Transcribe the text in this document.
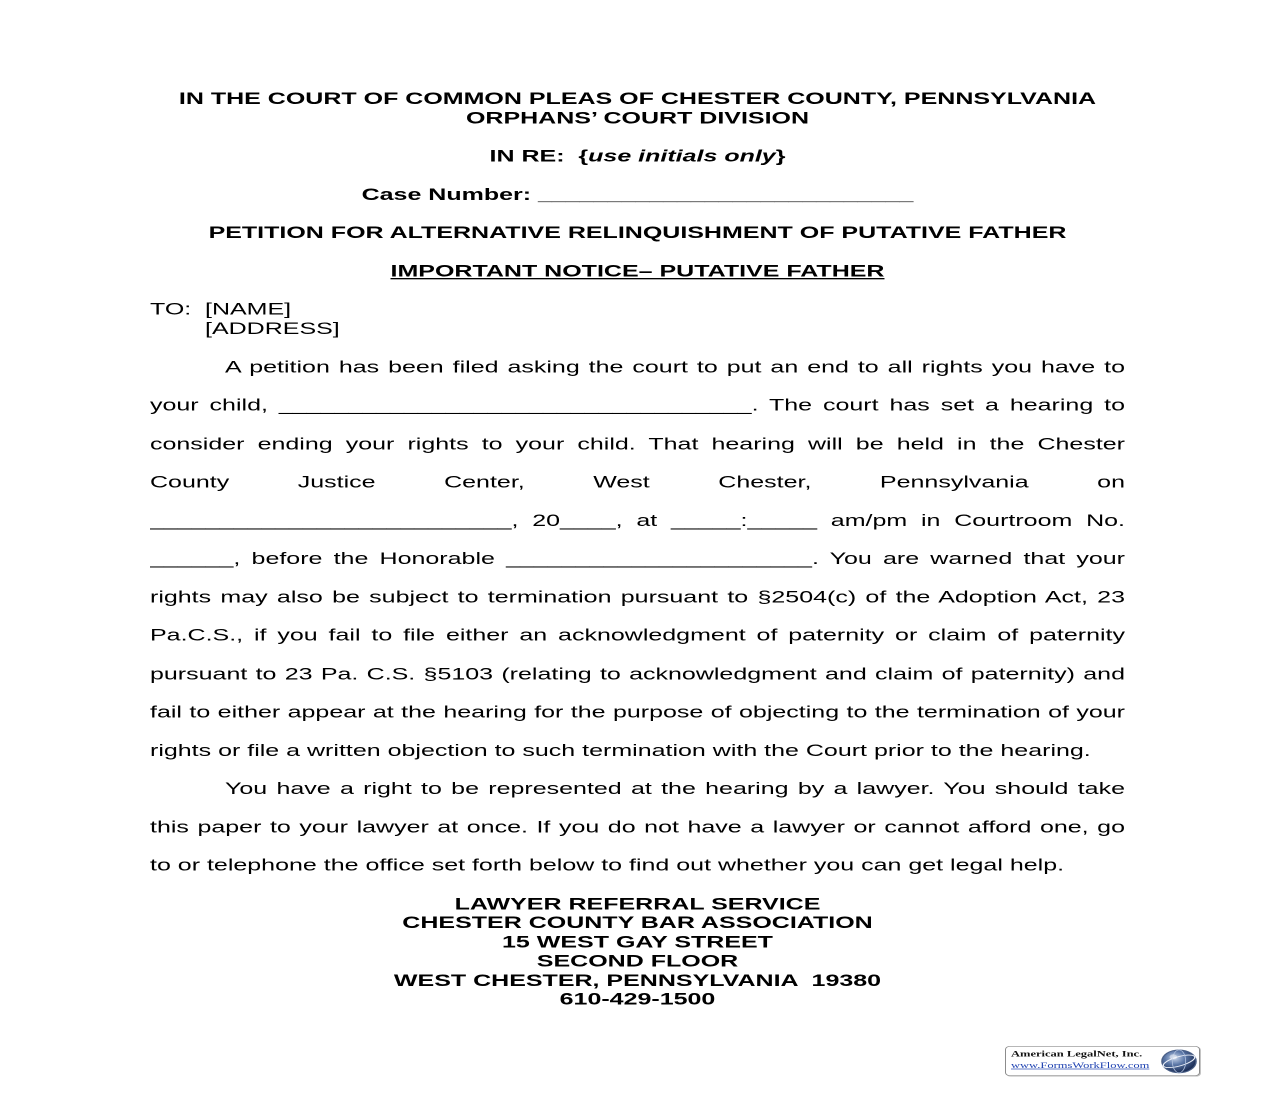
IN THE COURT OF COMMON PLEAS OF CHESTER COUNTY, PENNSYLVANIA
ORPHANS’ COURT DIVISION
IN RE: {use initials only}
Case Number: ___________________________
PETITION FOR ALTERNATIVE RELINQUISHMENT OF PUTATIVE FATHER
IMPORTANT NOTICE– PUTATIVE FATHER
TO: [NAME]
[ADDRESS]
A petition has been filed asking the court to put an end to all rights you have to
your child, __________________________________. The court has set a hearing to
consider ending your rights to your child. That hearing will be held in the Chester
County Justice Center, West Chester, Pennsylvania on
__________________________, 20____, at _____:_____ am/pm in Courtroom No.
______, before the Honorable ______________________. You are warned that your
rights may also be subject to termination pursuant to §2504(c) of the Adoption Act, 23
Pa.C.S., if you fail to file either an acknowledgment of paternity or claim of paternity
pursuant to 23 Pa. C.S. §5103 (relating to acknowledgment and claim of paternity) and
fail to either appear at the hearing for the purpose of objecting to the termination of your
rights or file a written objection to such termination with the Court prior to the hearing.
You have a right to be represented at the hearing by a lawyer. You should take
this paper to your lawyer at once. If you do not have a lawyer or cannot afford one, go
to or telephone the office set forth below to find out whether you can get legal help.
LAWYER REFERRAL SERVICE
CHESTER COUNTY BAR ASSOCIATION
15 WEST GAY STREET
SECOND FLOOR
WEST CHESTER, PENNSYLVANIA  19380
610-429-1500
American LegalNet, Inc.
www.FormsWorkFlow.com
